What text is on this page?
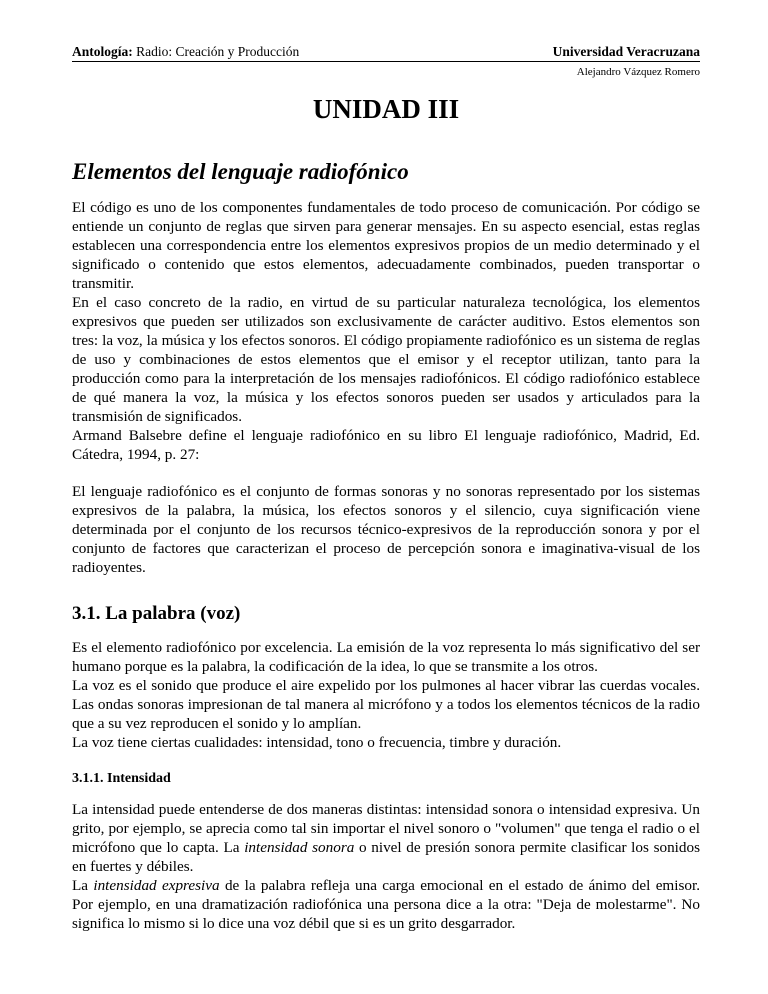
Antología: Radio: Creación y Producción	Universidad Veracruzana
Alejandro Vázquez Romero
UNIDAD III
Elementos del lenguaje radiofónico

El código es uno de los componentes fundamentales de todo proceso de comunicación. Por código se entiende un conjunto de reglas que sirven para generar mensajes. En su aspecto esencial, estas reglas establecen una correspondencia entre los elementos expresivos propios de un medio determinado y el significado o contenido que estos elementos, adecuadamente combinados, pueden transportar o transmitir.

En el caso concreto de la radio, en virtud de su particular naturaleza tecnológica, los elementos expresivos que pueden ser utilizados son exclusivamente de carácter auditivo. Estos elementos son tres: la voz, la música y los efectos sonoros. El código propiamente radiofónico es un sistema de reglas de uso y combinaciones de estos elementos que el emisor y el receptor utilizan, tanto para la producción como para la interpretación de los mensajes radiofónicos. El código radiofónico establece de qué manera la voz, la música y los efectos sonoros pueden ser usados y articulados para la transmisión de significados.

Armand Balsebre define el lenguaje radiofónico en su libro El lenguaje radiofónico, Madrid, Ed. Cátedra, 1994, p. 27:

El lenguaje radiofónico es el conjunto de formas sonoras y no sonoras representado por los sistemas expresivos de la palabra, la música, los efectos sonoros y el silencio, cuya significación viene determinada por el conjunto de los recursos técnico-expresivos de la reproducción sonora y por el conjunto de factores que caracterizan el proceso de percepción sonora e imaginativa-visual de los radioyentes.

3.1. La palabra (voz)

Es el elemento radiofónico por excelencia. La emisión de la voz representa lo más significativo del ser humano porque es la palabra, la codificación de la idea, lo que se transmite a los otros.

La voz es el sonido que produce el aire expelido por los pulmones al hacer vibrar las cuerdas vocales. Las ondas sonoras impresionan de tal manera al micrófono y a todos los elementos técnicos de la radio que a su vez reproducen el sonido y lo amplían.

La voz tiene ciertas cualidades: intensidad, tono o frecuencia, timbre y duración.

3.1.1. Intensidad

La intensidad puede entenderse de dos maneras distintas: intensidad sonora o intensidad expresiva. Un grito, por ejemplo, se aprecia como tal sin importar el nivel sonoro o "volumen" que tenga el radio o el micrófono que lo capta. La intensidad sonora o nivel de presión sonora permite clasificar los sonidos en fuertes y débiles.

La intensidad expresiva de la palabra refleja una carga emocional en el estado de ánimo del emisor. Por ejemplo, en una dramatización radiofónica una persona dice a la otra: "Deja de molestarme". No significa lo mismo si lo dice una voz débil que si es un grito desgarrador.
